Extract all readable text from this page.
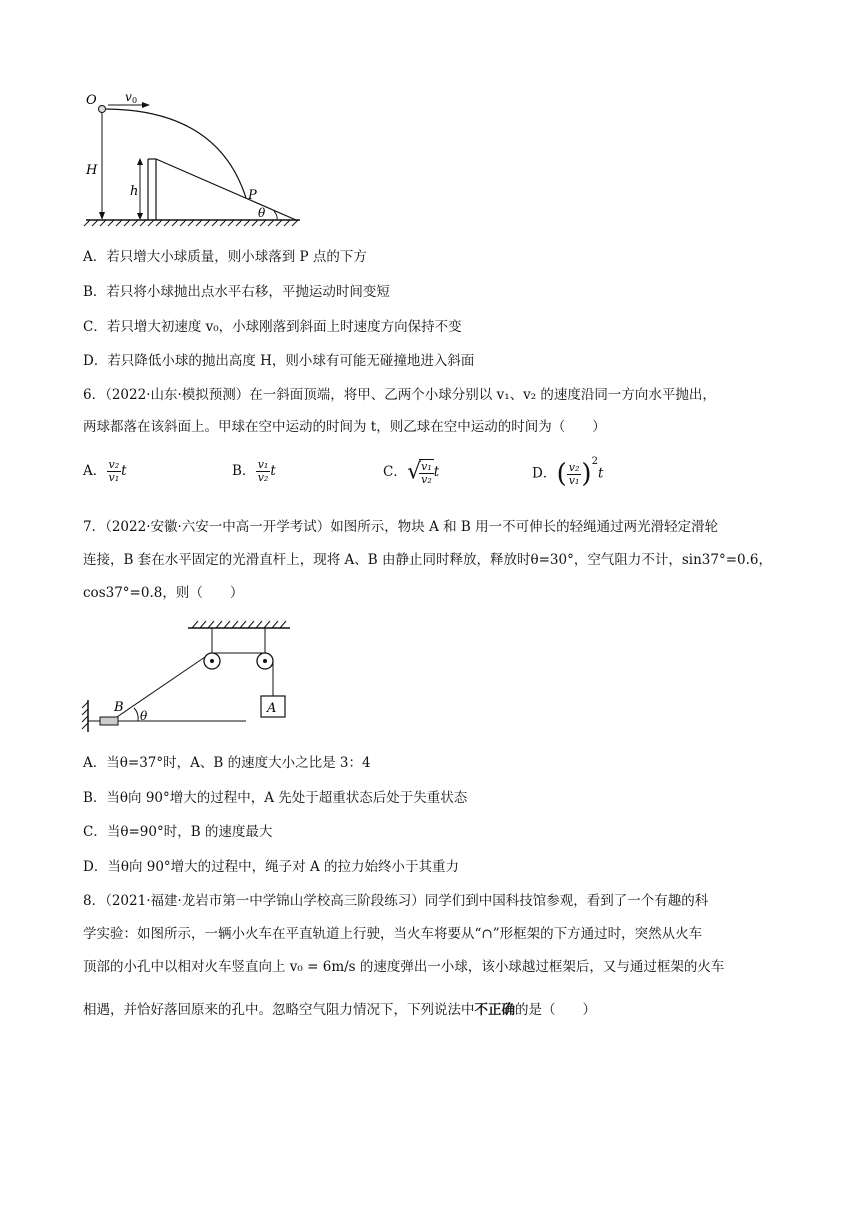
O v 0
H
h	P
θ
A．若只增大小球质量，则小球落到 P 点的下方
B．若只将小球抛出点水平右移，平抛运动时间变短
C．若只增大初速度 v₀，小球刚落到斜面上时速度方向保持不变
D．若只降低小球的抛出高度 H，则小球有可能无碰撞地进入斜面
6．（2022·山东·模拟预测）在一斜面顶端，将甲、乙两个小球分别以 v₁、v₂ 的速度沿同一方向水平抛出，
两球都落在该斜面上。甲球在空中运动的时间为 t，则乙球在空中运动的时间为（　　）
A． $\frac{\text{v₂}}{\text{v₁}}$ t	B． $\frac{\text{v₁}}{\text{v₂}}$ t	C． √
$\frac{\text{v₁}}{\text{v₂}}$ t	D． ( $\frac{\text{v₂}}{\text{v₁}} )^2t$
7．（2022·安徽·六安一中高一开学考试）如图所示，物块 A 和 B 用一不可伸长的轻绳通过两光滑轻定滑轮
连接，B 套在水平固定的光滑直杆上，现将 A、B 由静止同时释放，释放时θ=30°，空气阻力不计，sin37°=0.6，
cos37°=0.8，则（　　）
B
θ	A
A．当θ=37°时，A、B 的速度大小之比是 3：4
B．当θ向 90°增大的过程中，A 先处于超重状态后处于失重状态
C．当θ=90°时，B 的速度最大
D．当θ向 90°增大的过程中，绳子对 A 的拉力始终小于其重力
8．（2021·福建·龙岩市第一中学锦山学校高三阶段练习）同学们到中国科技馆参观，看到了一个有趣的科
学实验：如图所示，一辆小火车在平直轨道上行驶，当火车将要从“∩”形框架的下方通过时，突然从火车
顶部的小孔中以相对火车竖直向上 v₀ = 6m/s 的速度弹出一小球，该小球越过框架后，又与通过框架的火车
相遇，并恰好落回原来的孔中。忽略空气阻力情况下，下列说法中不正确的是（　　）
